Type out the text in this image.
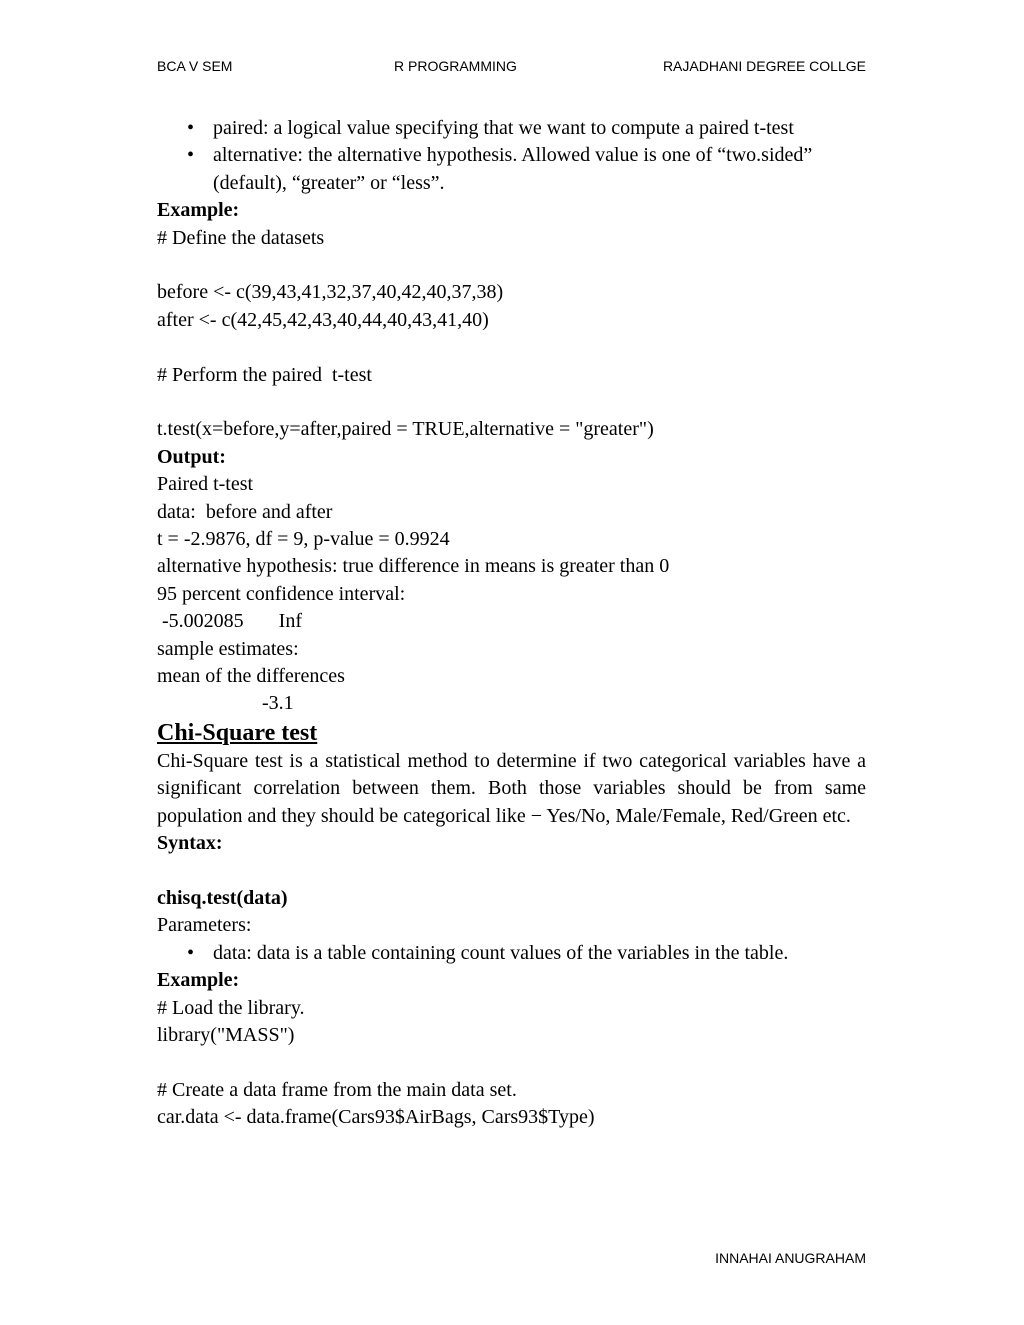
BCA V SEM	R PROGRAMMING	RAJADHANI DEGREE COLLGE
• paired: a logical value specifying that we want to compute a paired t-test
• alternative: the alternative hypothesis. Allowed value is one of “two.sided” (default), “greater” or “less”.
Example:
# Define the datasets
before <- c(39,43,41,32,37,40,42,40,37,38)
after <- c(42,45,42,43,40,44,40,43,41,40)
# Perform the paired  t-test
t.test(x=before,y=after,paired = TRUE,alternative = "greater")
Output:
Paired t-test
data:  before and after
t = -2.9876, df = 9, p-value = 0.9924
alternative hypothesis: true difference in means is greater than 0
95 percent confidence interval:
-5.002085       Inf
sample estimates:
mean of the differences
-3.1
Chi-Square test
Chi-Square test is a statistical method to determine if two categorical variables have a significant correlation between them. Both those variables should be from same population and they should be categorical like − Yes/No, Male/Female, Red/Green etc.
Syntax:
chisq.test(data)
Parameters:
• data: data is a table containing count values of the variables in the table.
Example:
# Load the library.
library("MASS")
# Create a data frame from the main data set.
car.data <- data.frame(Cars93$AirBags, Cars93$Type)
INNAHAI ANUGRAHAM
